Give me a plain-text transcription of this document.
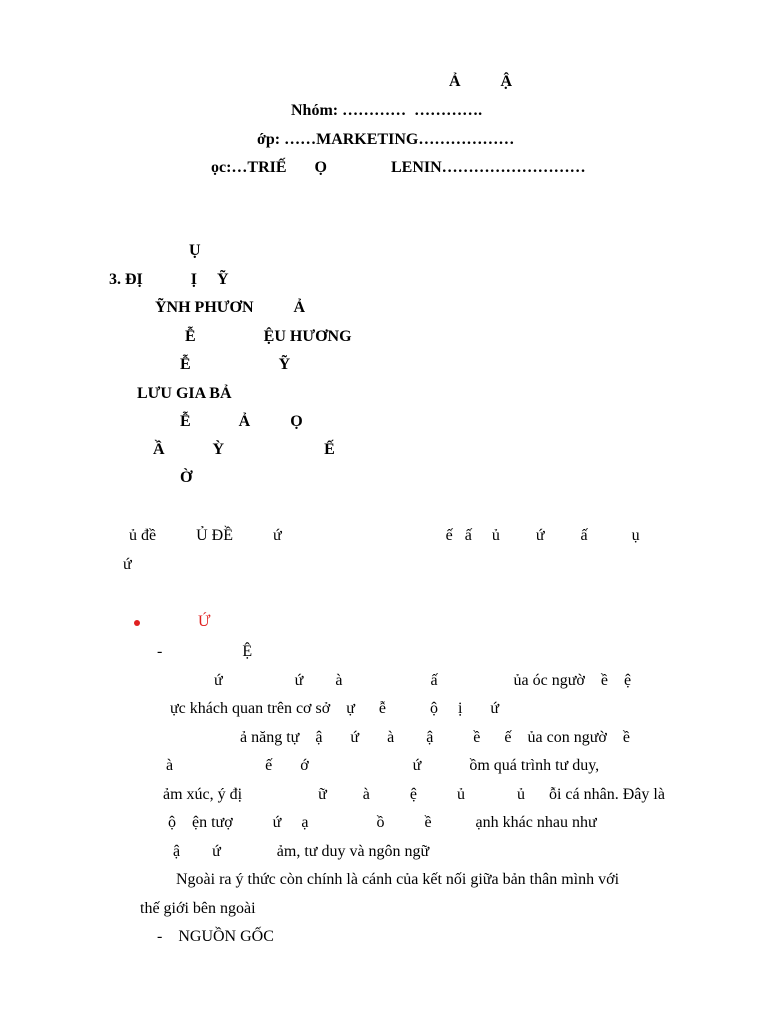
Ả          Ậ
Nhóm: …………  ………….
ớp: ……MARKETING………………
ọc:…TRIẾ       Ọ                LENIN………………………
Ụ
3. ĐỊ            Ị     Ỹ
ỸNH PHƯƠN          Ả
Ễ                 ỆU HƯƠNG
Ễ                      Ỹ
LƯU GIA BẢ
Ễ            Ả          Ọ
Ầ            Ỳ                         Ế
Ờ
ủ đề          Ủ ĐỀ          ứ                                         ế   ấ     ủ         ứ         ấ           ụ
ứ
Ứ
-                    Ệ
ứ                  ứ        à                      ấ                   ủa óc ngườ    ề    ệ
ực khách quan trên cơ sở    ự      ễ           ộ     ị       ứ
ả năng tự    ậ       ứ       à        ậ          ề      ế    ủa con ngườ    ề
à                       ế       ớ                          ứ            ồm quá trình tư duy,
ảm xúc, ý đị                   ữ         à          ệ          ủ             ủ      ỗi cá nhân. Đây là
ộ    ện tượ          ứ     ạ                 ồ          ề           ạnh khác nhau như
ậ        ứ              ảm, tư duy và ngôn ngữ
Ngoài ra ý thức còn chính là cánh của kết nối giữa bản thân mình với
thế giới bên ngoài
-    NGUỒN GỐC
